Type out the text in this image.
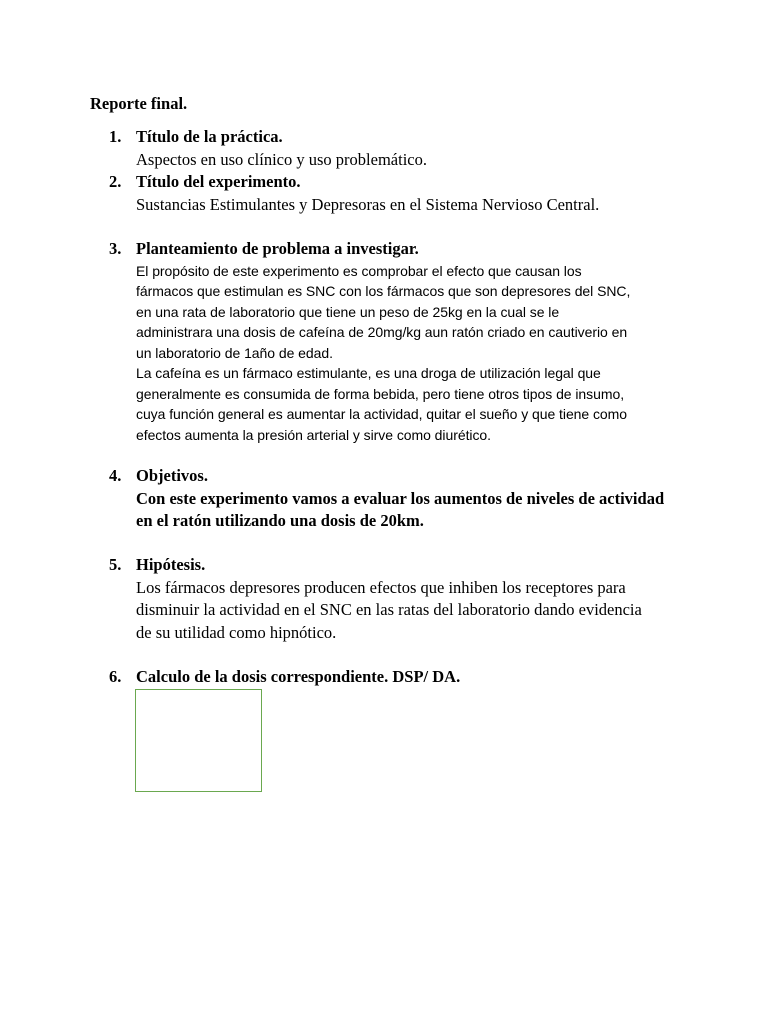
Reporte final.
1. Título de la práctica.
Aspectos en uso clínico y uso problemático.
2. Título del experimento.
Sustancias Estimulantes y Depresoras en el Sistema Nervioso Central.
3. Planteamiento de problema a investigar.
El propósito de este experimento es comprobar el efecto que causan los
fármacos que estimulan es SNC con los fármacos que son depresores del SNC,
en una rata de laboratorio que tiene un peso de 25kg en la cual se le
administrara una dosis de cafeína de 20mg/kg aun ratón criado en cautiverio en
un laboratorio de 1año de edad.
La cafeína es un fármaco estimulante, es una droga de utilización legal que
generalmente es consumida de forma bebida, pero tiene otros tipos de insumo,
cuya función general es aumentar la actividad, quitar el sueño y que tiene como
efectos aumenta la presión arterial y sirve como diurético.
4. Objetivos.
Con este experimento vamos a evaluar los aumentos de niveles de actividad
en el ratón utilizando una dosis de 20km.
5. Hipótesis.
Los fármacos depresores producen efectos que inhiben los receptores para
disminuir la actividad en el SNC en las ratas del laboratorio dando evidencia
de su utilidad como hipnótico.
6. Calculo de la dosis correspondiente. DSP/ DA.
